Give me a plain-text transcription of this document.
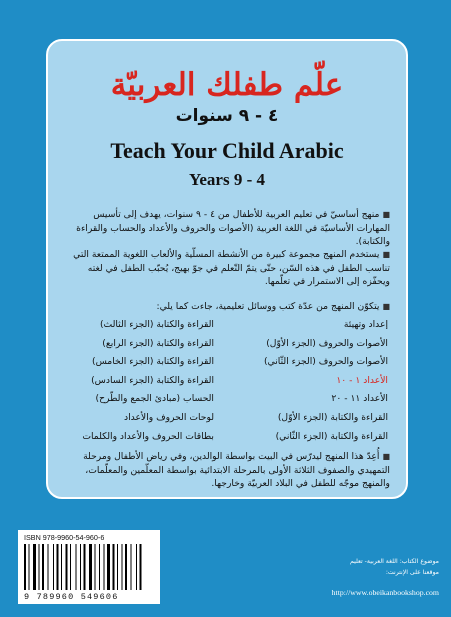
علّم طفلك العربيّة
٤ - ٩ سنوات
Teach Your Child Arabic
Years 9 - 4
■منهج أساسيّ في تعليم العربية للأطفال من ٤ - ٩ سنوات، يهدف إلى تأسيس المهارات الأساسيّة في اللغة العربية (الأصوات والحروف والأعداد والحساب والقراءة والكتابة).
■يستخدم المنهج مجموعة كبيرة من الأنشطة المسلّية والألعاب اللغوية الممتعة التي تناسب الطفل في هذه السّن، حتّى يتمّ التّعلم في جوّ بهيج، يُحبّب الطفل في لغته ويحفّزه إلى الاستمرار في تعلّمها.
■يتكوّن المنهج من عدّة كتب ووسائل تعليمية، جاءت كما يلي:
إعداد وتهيئة
الأصوات والحروف (الجزء الأوّل)
الأصوات والحروف (الجزء الثّاني)
الأعداد ١ - ١٠
الأعداد ١١ - ٢٠
القراءة والكتابة (الجزء الأوّل)
القراءة والكتابة (الجزء الثّاني)
القراءة والكتابة (الجزء الثالث)
القراءة والكتابة (الجزء الرابع)
القراءة والكتابة (الجزء الخامس)
القراءة والكتابة (الجزء السادس)
الحساب (مبادئ الجمع والطّرح)
لوحات الحروف والأعداد
بطاقات الحروف والأعداد والكلمات
■أُعِدّ هذا المنهج ليدرّس في البيت بواسطة الوالدين، وفي رياض الأطفال ومرحلة التمهيدي والصفوف الثلاثة الأولى بالمرحلة الابتدائية بواسطة المعلّمين والمعلّمات، والمنهج موجّه للطفل في البلاد العربيّة وخارجها.
ISBN 978-9960-54-960-6
9 789960 549606
موضوع الكتاب: اللغة العربية- تعليم
موقعنا على الإنترنت:
http://www.obeikanbookshop.com
